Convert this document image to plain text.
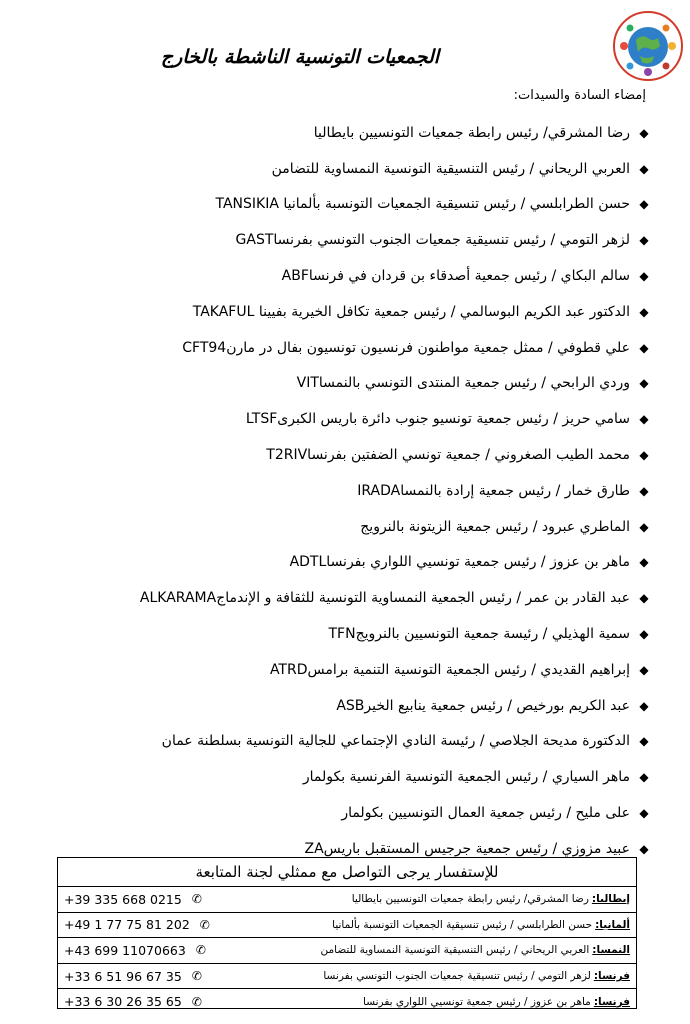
الجمعيات التونسية الناشطة بالخارج
إمضاء السادة والسيدات:
◆
رضا المشرقي/ رئيس رابطة جمعيات التونسيين بايطاليا
◆
العربي الريحاني / رئيس التنسيقية التونسية النمساوية للتضامن
◆
حسن الطرابلسي / رئيس تنسيقية الجمعيات التونسبة بألمانيا TANSIKIA
◆
لزهر التومي / رئيس تنسيقية جمعيات الجنوب التونسي بفرنساGAST
◆
سالم البكاي / رئيس جمعية أصدقاء بن قردان في فرنساABF
◆
الدكتور عبد الكريم البوسالمي / رئيس جمعية تكافل الخيرية بفيينا TAKAFUL
◆
علي قطوفي / ممثل جمعية مواطنون فرنسيون تونسيون بفال در مارنCFT94
◆
وردي الرابحي / رئيس جمعية المنتدى التونسي بالنمساVIT
◆
سامي حريز / رئيس جمعية تونسيو جنوب دائرة باريس الكبرىLTSF
◆
محمد الطيب الصغروني / جمعية تونسي الضفتين بفرنساT2RIV
◆
طارق خمار / رئيس جمعية إرادة بالنمساIRADA
◆
الماطري عبرود / رئيس جمعية الزيتونة بالنرويج
◆
ماهر بن عزوز / رئيس جمعية تونسيي اللواري بفرنساADTL
◆
عبد القادر بن عمر / رئيس الجمعية النمساوية التونسية للثقافة و الإندماجALKARAMA
◆
سمية الهذيلي / رئيسة جمعية التونسيين بالنرويجTFN
◆
إبراهيم القديدي / رئيس الجمعية التونسية التنمية برامسATRD
◆
عبد الكريم بورخيص / رئيس جمعية ينابيع الخيرASB
◆
الدكتورة مديحة الجلاصي / رئيسة النادي الإجتماعي للجالية التونسية بسلطنة عمان
◆
ماهر السياري / رئيس الجمعية التونسية الفرنسية بكولمار
◆
على مليح / رئيس جمعية العمال التونسيين بكولمار
◆
عبيد مزوزي / رئيس جمعية جرجيس المستقبل باريسZA
للإستفسار يرجى التواصل مع ممثلي لجنة المتابعة
إيطاليا:
رضا المشرقي/ رئيس رابطة جمعيات التونسيين بايطاليا
✆
+39 335 668 0215
ألمانيا:
حسن الطرابلسي / رئيس تنسيقية الجمعيات التونسبة بألمانيا
✆
+49 1 77 75 81 202
النمسا:
العربي الريحاني / رئيس التنسيقية التونسية النمساوية للتضامن
✆
+43 699 11070663
فرنسا:
لزهر التومي / رئيس تنسيقية جمعيات الجنوب التونسي بفرنسا
✆
+33 6 51 96 67 35
فرنسا:
ماهر بن عزوز / رئيس جمعية تونسيي اللواري بفرنسا
✆
+33 6 30 26 35 65
